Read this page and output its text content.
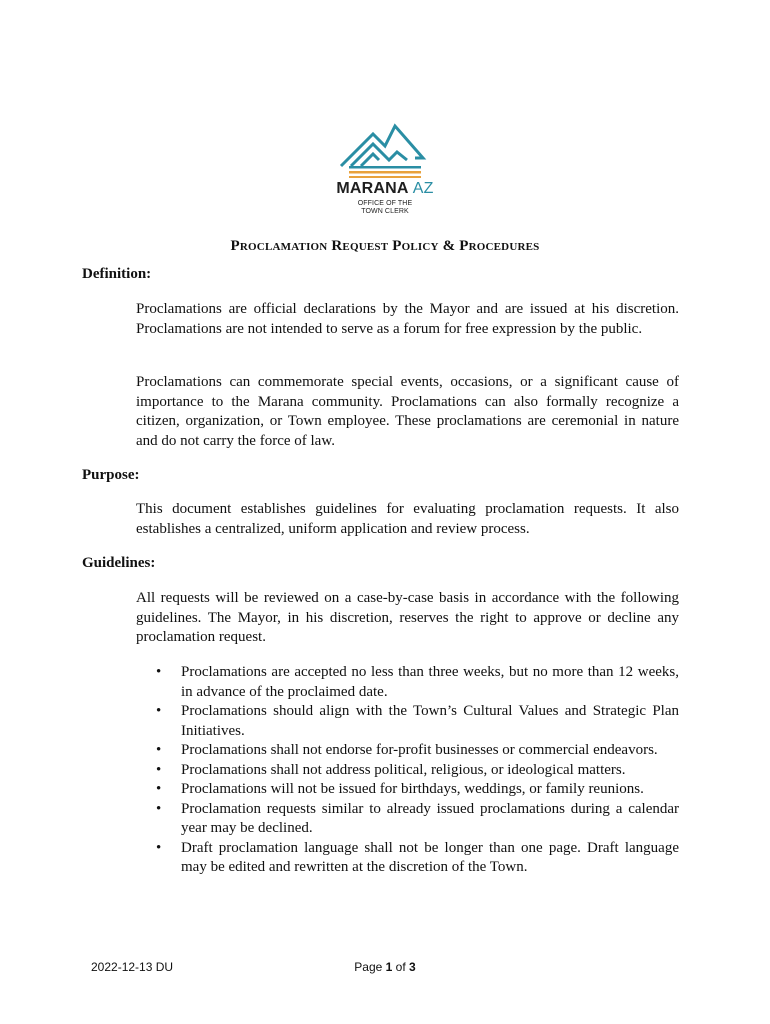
MARANA AZ
OFFICE OF THE
TOWN CLERK
Proclamation Request Policy & Procedures
Definition:
Proclamations are official declarations by the Mayor and are issued at his discretion. Proclamations are not intended to serve as a forum for free expression by the public.
Proclamations can commemorate special events, occasions, or a significant cause of importance to the Marana community. Proclamations can also formally recognize a citizen, organization, or Town employee. These proclamations are ceremonial in nature and do not carry the force of law.
Purpose:
This document establishes guidelines for evaluating proclamation requests. It also establishes a centralized, uniform application and review process.
Guidelines:
All requests will be reviewed on a case-by-case basis in accordance with the following guidelines. The Mayor, in his discretion, reserves the right to approve or decline any proclamation request.
• Proclamations are accepted no less than three weeks, but no more than 12 weeks, in advance of the proclaimed date.
• Proclamations should align with the Town’s Cultural Values and Strategic Plan Initiatives.
• Proclamations shall not endorse for-profit businesses or commercial endeavors.
• Proclamations shall not address political, religious, or ideological matters.
• Proclamations will not be issued for birthdays, weddings, or family reunions.
• Proclamation requests similar to already issued proclamations during a calendar year may be declined.
• Draft proclamation language shall not be longer than one page. Draft language may be edited and rewritten at the discretion of the Town.
2022-12-13 DU	Page 1 of 3
